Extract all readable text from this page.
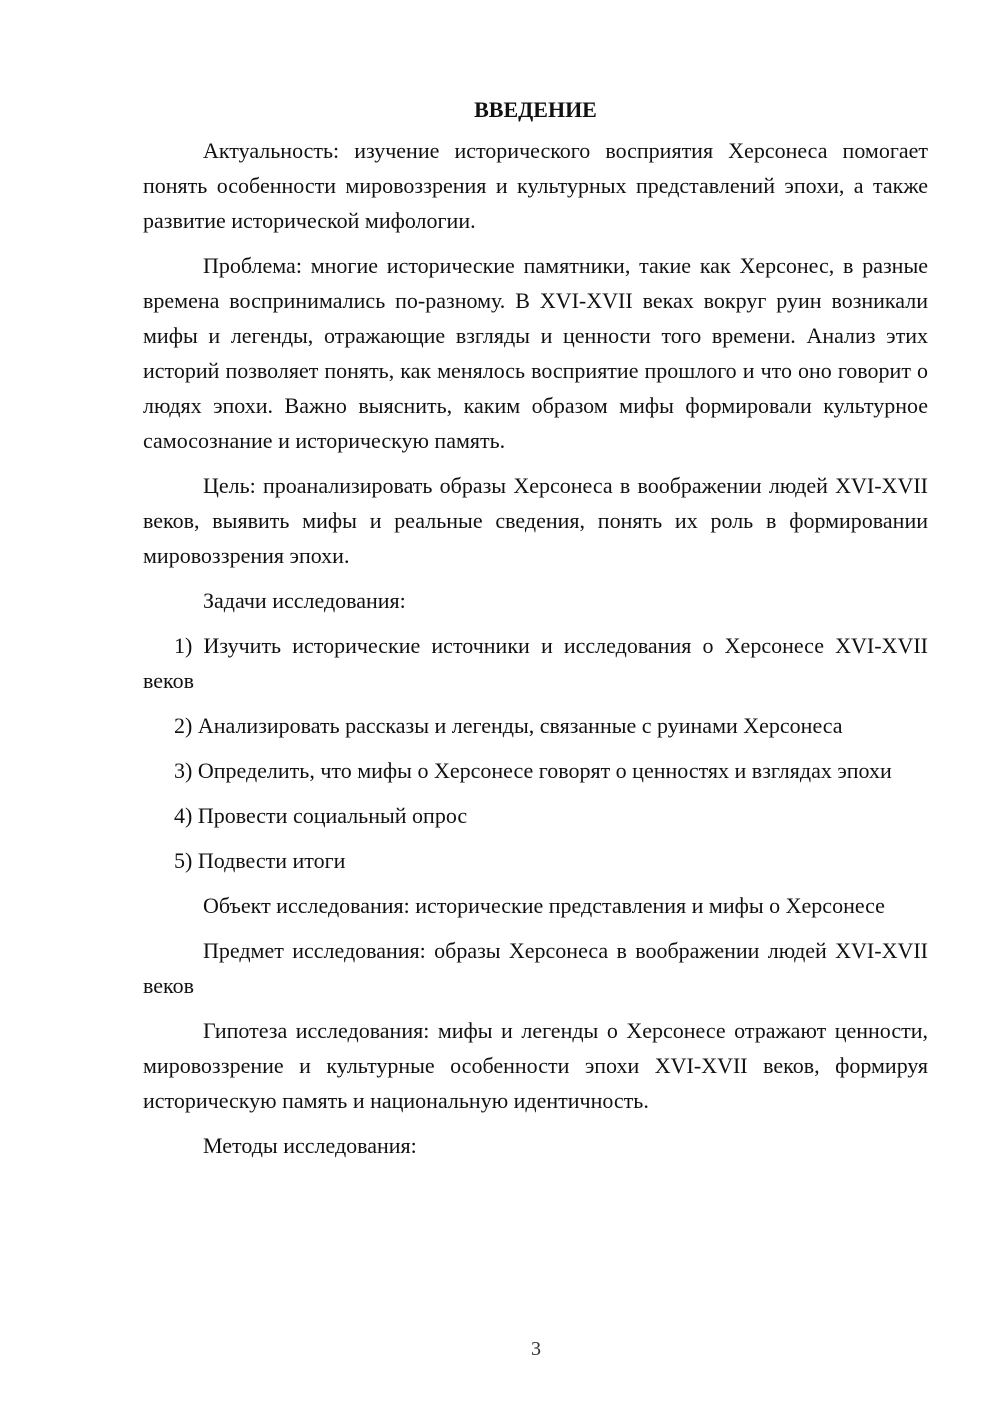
ВВЕДЕНИЕ

Актуальность: изучение исторического восприятия Херсонеса помогает понять особенности мировоззрения и культурных представлений эпохи, а также развитие исторической мифологии.

Проблема: многие исторические памятники, такие как Херсонес, в разные времена воспринимались по-разному. В XVI-XVII веках вокруг руин возникали мифы и легенды, отражающие взгляды и ценности того времени. Анализ этих историй позволяет понять, как менялось восприятие прошлого и что оно говорит о людях эпохи. Важно выяснить, каким образом мифы формировали культурное самосознание и историческую память.

Цель: проанализировать образы Херсонеса в воображении людей XVI-XVII веков, выявить мифы и реальные сведения, понять их роль в формировании мировоззрения эпохи.

Задачи исследования:

1) Изучить исторические источники и исследования о Херсонесе XVI-XVII веков

2) Анализировать рассказы и легенды, связанные с руинами Херсонеса

3) Определить, что мифы о Херсонесе говорят о ценностях и взглядах эпохи

4) Провести социальный опрос

5) Подвести итоги

Объект исследования: исторические представления и мифы о Херсонесе

Предмет исследования: образы Херсонеса в воображении людей XVI-XVII веков

Гипотеза исследования: мифы и легенды о Херсонесе отражают ценности, мировоззрение и культурные особенности эпохи XVI-XVII веков, формируя историческую память и национальную идентичность.

Методы исследования:

3
